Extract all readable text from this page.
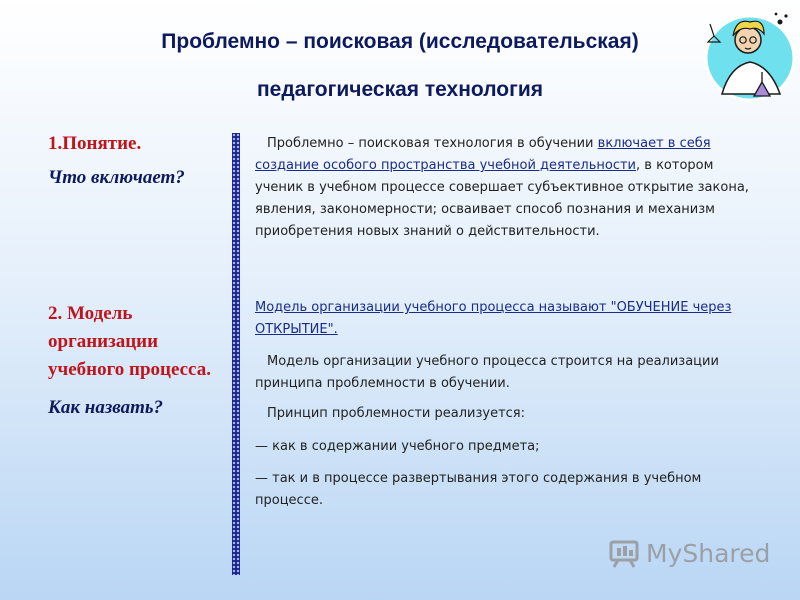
Проблемно – поисковая (исследовательская)
педагогическая технология

1.Понятие.

Что включает?

2. Модель организации учебного процесса.

Как назвать?

Проблемно – поисковая технология в обучении включает в себя создание особого пространства учебной деятельности, в котором ученик в учебном процессе совершает субъективное открытие закона, явления, закономерности; осваивает способ познания и механизм приобретения новых знаний о действительности.

Модель организации учебного процесса называют "ОБУЧЕНИЕ через ОТКРЫТИЕ".

Модель организации учебного процесса строится на реализации принципа проблемности в обучении.

Принцип проблемности реализуется:

— как в содержании учебного предмета;

— так и в процессе развертывания этого содержания в учебном процессе.

MyShared
